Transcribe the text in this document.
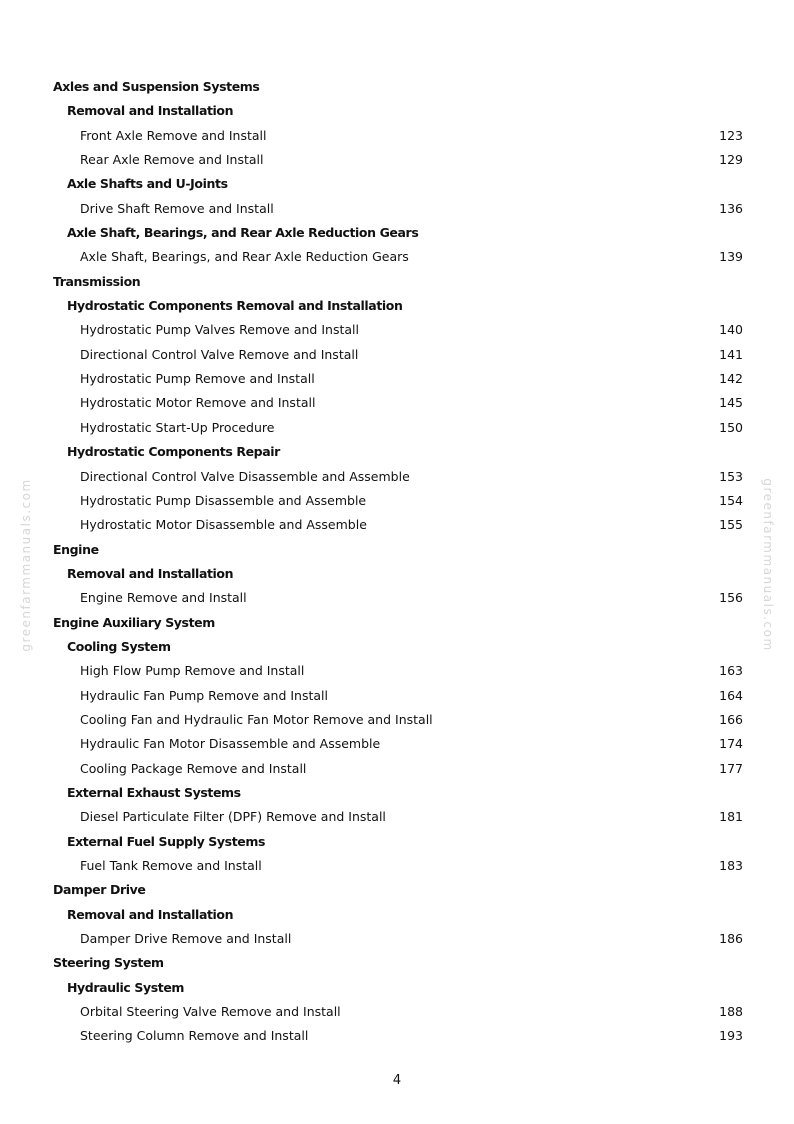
Axles and Suspension Systems
Removal and Installation
Front Axle Remove and Install	123
Rear Axle Remove and Install	129
Axle Shafts and U-Joints
Drive Shaft Remove and Install	136
Axle Shaft, Bearings, and Rear Axle Reduction Gears
Axle Shaft, Bearings, and Rear Axle Reduction Gears	139
Transmission
Hydrostatic Components Removal and Installation
Hydrostatic Pump Valves Remove and Install	140
Directional Control Valve Remove and Install	141
Hydrostatic Pump Remove and Install	142
Hydrostatic Motor Remove and Install	145
Hydrostatic Start-Up Procedure	150
Hydrostatic Components Repair
Directional Control Valve Disassemble and Assemble	153
Hydrostatic Pump Disassemble and Assemble	154
Hydrostatic Motor Disassemble and Assemble	155
Engine
Removal and Installation
Engine Remove and Install	156
Engine Auxiliary System
Cooling System
High Flow Pump Remove and Install	163
Hydraulic Fan Pump Remove and Install	164
Cooling Fan and Hydraulic Fan Motor Remove and Install	166
Hydraulic Fan Motor Disassemble and Assemble	174
Cooling Package Remove and Install	177
External Exhaust Systems
Diesel Particulate Filter (DPF) Remove and Install	181
External Fuel Supply Systems
Fuel Tank Remove and Install	183
Damper Drive
Removal and Installation
Damper Drive Remove and Install	186
Steering System
Hydraulic System
Orbital Steering Valve Remove and Install	188
Steering Column Remove and Install	193
4
greenfarmmanuals.com	greenfarmmanuals.com
